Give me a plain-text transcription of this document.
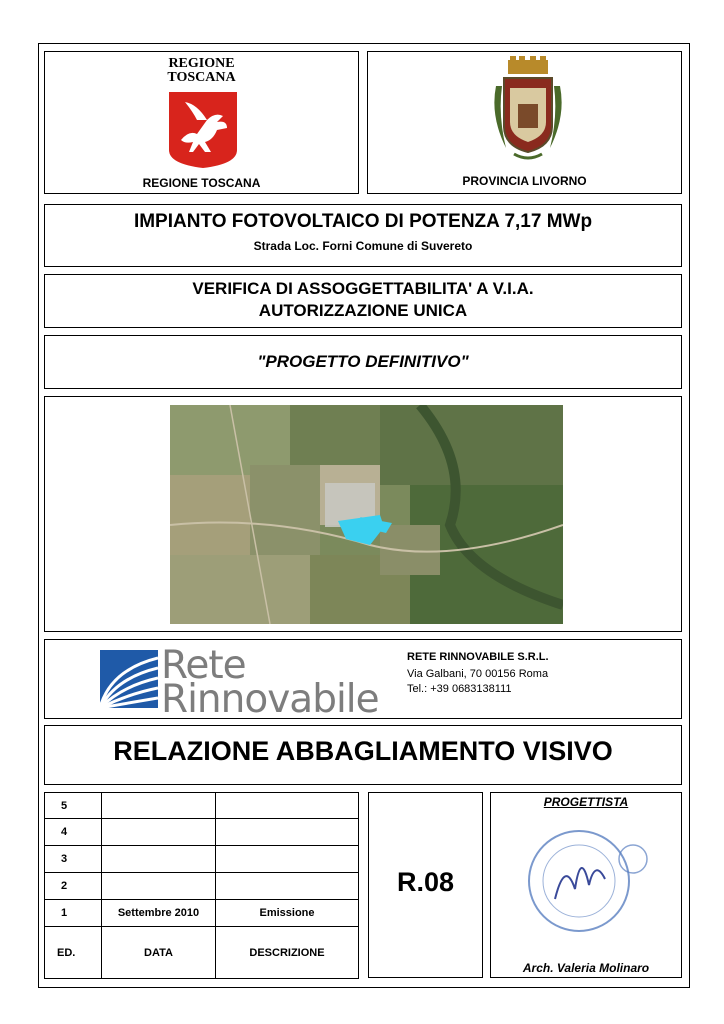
REGIONE
TOSCANA
REGIONE TOSCANA	PROVINCIA LIVORNO
IMPIANTO FOTOVOLTAICO DI POTENZA 7,17 MWp
Strada Loc. Forni Comune di Suvereto
VERIFICA DI ASSOGGETTABILITA' A V.I.A.
AUTORIZZAZIONE UNICA
"PROGETTO DEFINITIVO"
Rete
Rinnovabile
RETE RINNOVABILE S.R.L.
Via Galbani, 70 00156 Roma
Tel.: +39 0683138111
RELAZIONE ABBAGLIAMENTO VISIVO
5		
4		
3		
2		
1	Settembre 2010	Emissione
ED.	DATA	DESCRIZIONE
R.08
PROGETTISTA
Arch. Valeria Molinaro
